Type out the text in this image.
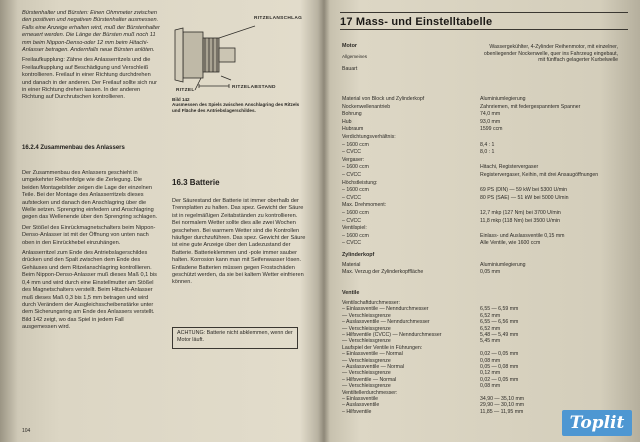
Bürstenhalter und Bürsten: Einen Ohmmeter zwischen den positiven und negativen Bürstenhalter ausmessen. Falls eine Anzeige erhalten wird, muß der Bürstenhalter erneuert werden. Die Länge der Bürsten muß noch 11 mm beim Nippon-Denso-oder 12 mm beim Hitachi-Anlasser betragen. Andernfalls neue Bürsten anlöten.

Freilaufkupplung: Zähne des Anlasserritzels und die Freilaufkupplung auf Beschädigung und Verschleiß kontrollieren. Freilauf in einer Richtung durchdrehen und danach in der anderen. Der Freilauf sollte sich nur in einer Richtung drehen lassen. In der anderen Richtung auf Durchrutschen kontrollieren.

16.2.4 Zusammenbau des Anlassers

Der Zusammenbau des Anlassers geschieht in umgekehrter Reihenfolge wie die Zerlegung. Die beiden Montagebilder zeigen die Lage der einzelnen Teile. Bei der Montage des Anlasserritzels dieses aufstecken und danach den Anschlagring über die Welle setzen. Sprengring einfedern und Anschlagring gegen das Wellenende über den Sprengring schlagen.

Der Stößel des Einrückmagnetschalters beim Nippon-Denso-Anlasser ist mit der Öffnung von unten nach oben in den Einrückhebel einzuhängen.

Anlasserritzel zum Ende des Antriebslagerschildes drücken und den Spalt zwischen dem Ende des Gehäuses und dem Ritzelanschlagring kontrollieren. Beim Nippon-Denso-Anlasser muß dieses Maß 0,1 bis 0,4 mm und wird durch eine Einstellmutter am Stößel des Magnetschalters verstellt. Beim Hitachi-Anlasser muß dieses Maß 0,3 bis 1,5 mm betragen und wird durch Verändern der Ausgleichsscheibenstärke unter dem Sicherungsring am Ende des Anlassers verstellt. Bild 142 zeigt, wo das Spiel in jedem Fall ausgemessen wird.

RITZELANSCHLAG
RITZEL
RITZELABSTAND
Bild 142
Ausmessen des Spiels zwischen Anschlagring des Ritzels und Fläche des Antriebslagerschildes.
16.3 Batterie

Der Säurestand der Batterie ist immer oberhalb der Trennplatten zu halten. Das spez. Gewicht der Säure ist in regelmäßigen Zeitabständen zu kontrollieren. Bei normalem Wetter sollte dies alle zwei Wochen geschehen. Bei warmem Wetter sind die Kontrollen häufiger durchzuführen. Das spez. Gewicht der Säure ist eine gute Anzeige über den Ladezustand der Batterie. Batterieklemmen und -pole immer sauber halten. Korrosion kann man mit Seifenwasser lösen. Entladene Batterien müssen gegen Frostschäden geschützt werden, da sie bei kaltem Wetter einfrieren können.

ACHTUNG: Batterie nicht abklemmen, wenn der Motor läuft.
104
17 Mass- und Einstelltabelle
Motor
Allgemeines
Bauart
Wassergekühlter, 4-Zylinder Reihenmotor, mit einzelner, obenliegender Nockenwelle, quer ins Fahrzeug eingebaut, mit fünffach gelagerter Kurbelwelle
Material von Block und Zylinderkopf	Aluminiumlegierung
Nockenwellenantrieb	Zahnriemen, mit federgespanntem Spanner
Bohrung	74,0 mm
Hub	93,0 mm
Hubraum	1599 ccm
Verdichtungsverhältnis:
– 1600 ccm	8,4 : 1
– CVCC	8,0 : 1
Vergaser:
– 1600 ccm	Hitachi, Registervergaser
– CVCC	Registervergaser, Keihin, mit drei Ansaugöffnungen
Höchstleistung:
– 1600 ccm	69 PS (DIN) — 59 kW bei 5300 U/min
– CVCC	80 PS (SAE) — 51 kW bei 5000 U/min
Max. Drehmoment:
– 1600 ccm	12,7 mkp (127 Nm) bei 3700 U/min
– CVCC	11,8 mkp (118 Nm) bei 3500 U/min
Ventilspiel:
– 1600 ccm	Einlass- und Auslassventile 0,15 mm
– CVCC	Alle Ventile, wie 1600 ccm
Zylinderkopf
Material	Aluminiumlegierung
Max. Verzug der Zylinderkopffläche	0,05 mm
Ventile
Ventilschaftdurchmesser:
– Einlassventile — Nenndurchmesser	6,55 — 6,59 mm
— Verschleissgrenze	6,52 mm
– Auslassventile — Nenndurchmesser	6,55 — 6,56 mm
— Verschleissgrenze	6,52 mm
– Hilfsventile (CVCC) — Nenndurchmesser	5,48 — 5,49 mm
— Verschleissgrenze	5,45 mm
Laufspiel der Ventile in Führungen:
– Einlassventile — Normal	0,02 — 0,05 mm
— Verschleissgrenze	0,08 mm
– Auslassventile — Normal	0,05 — 0,08 mm
— Verschleissgrenze	0,12 mm
– Hilfsventile — Normal	0,02 — 0,05 mm
— Verschleissgrenze	0,08 mm
Ventiltellerdurchmesser:
– Einlassventile	34,90 — 35,10 mm
– Auslassventile	29,90 — 30,10 mm
– Hilfsventile	11,85 — 11,95 mm
Toplit
